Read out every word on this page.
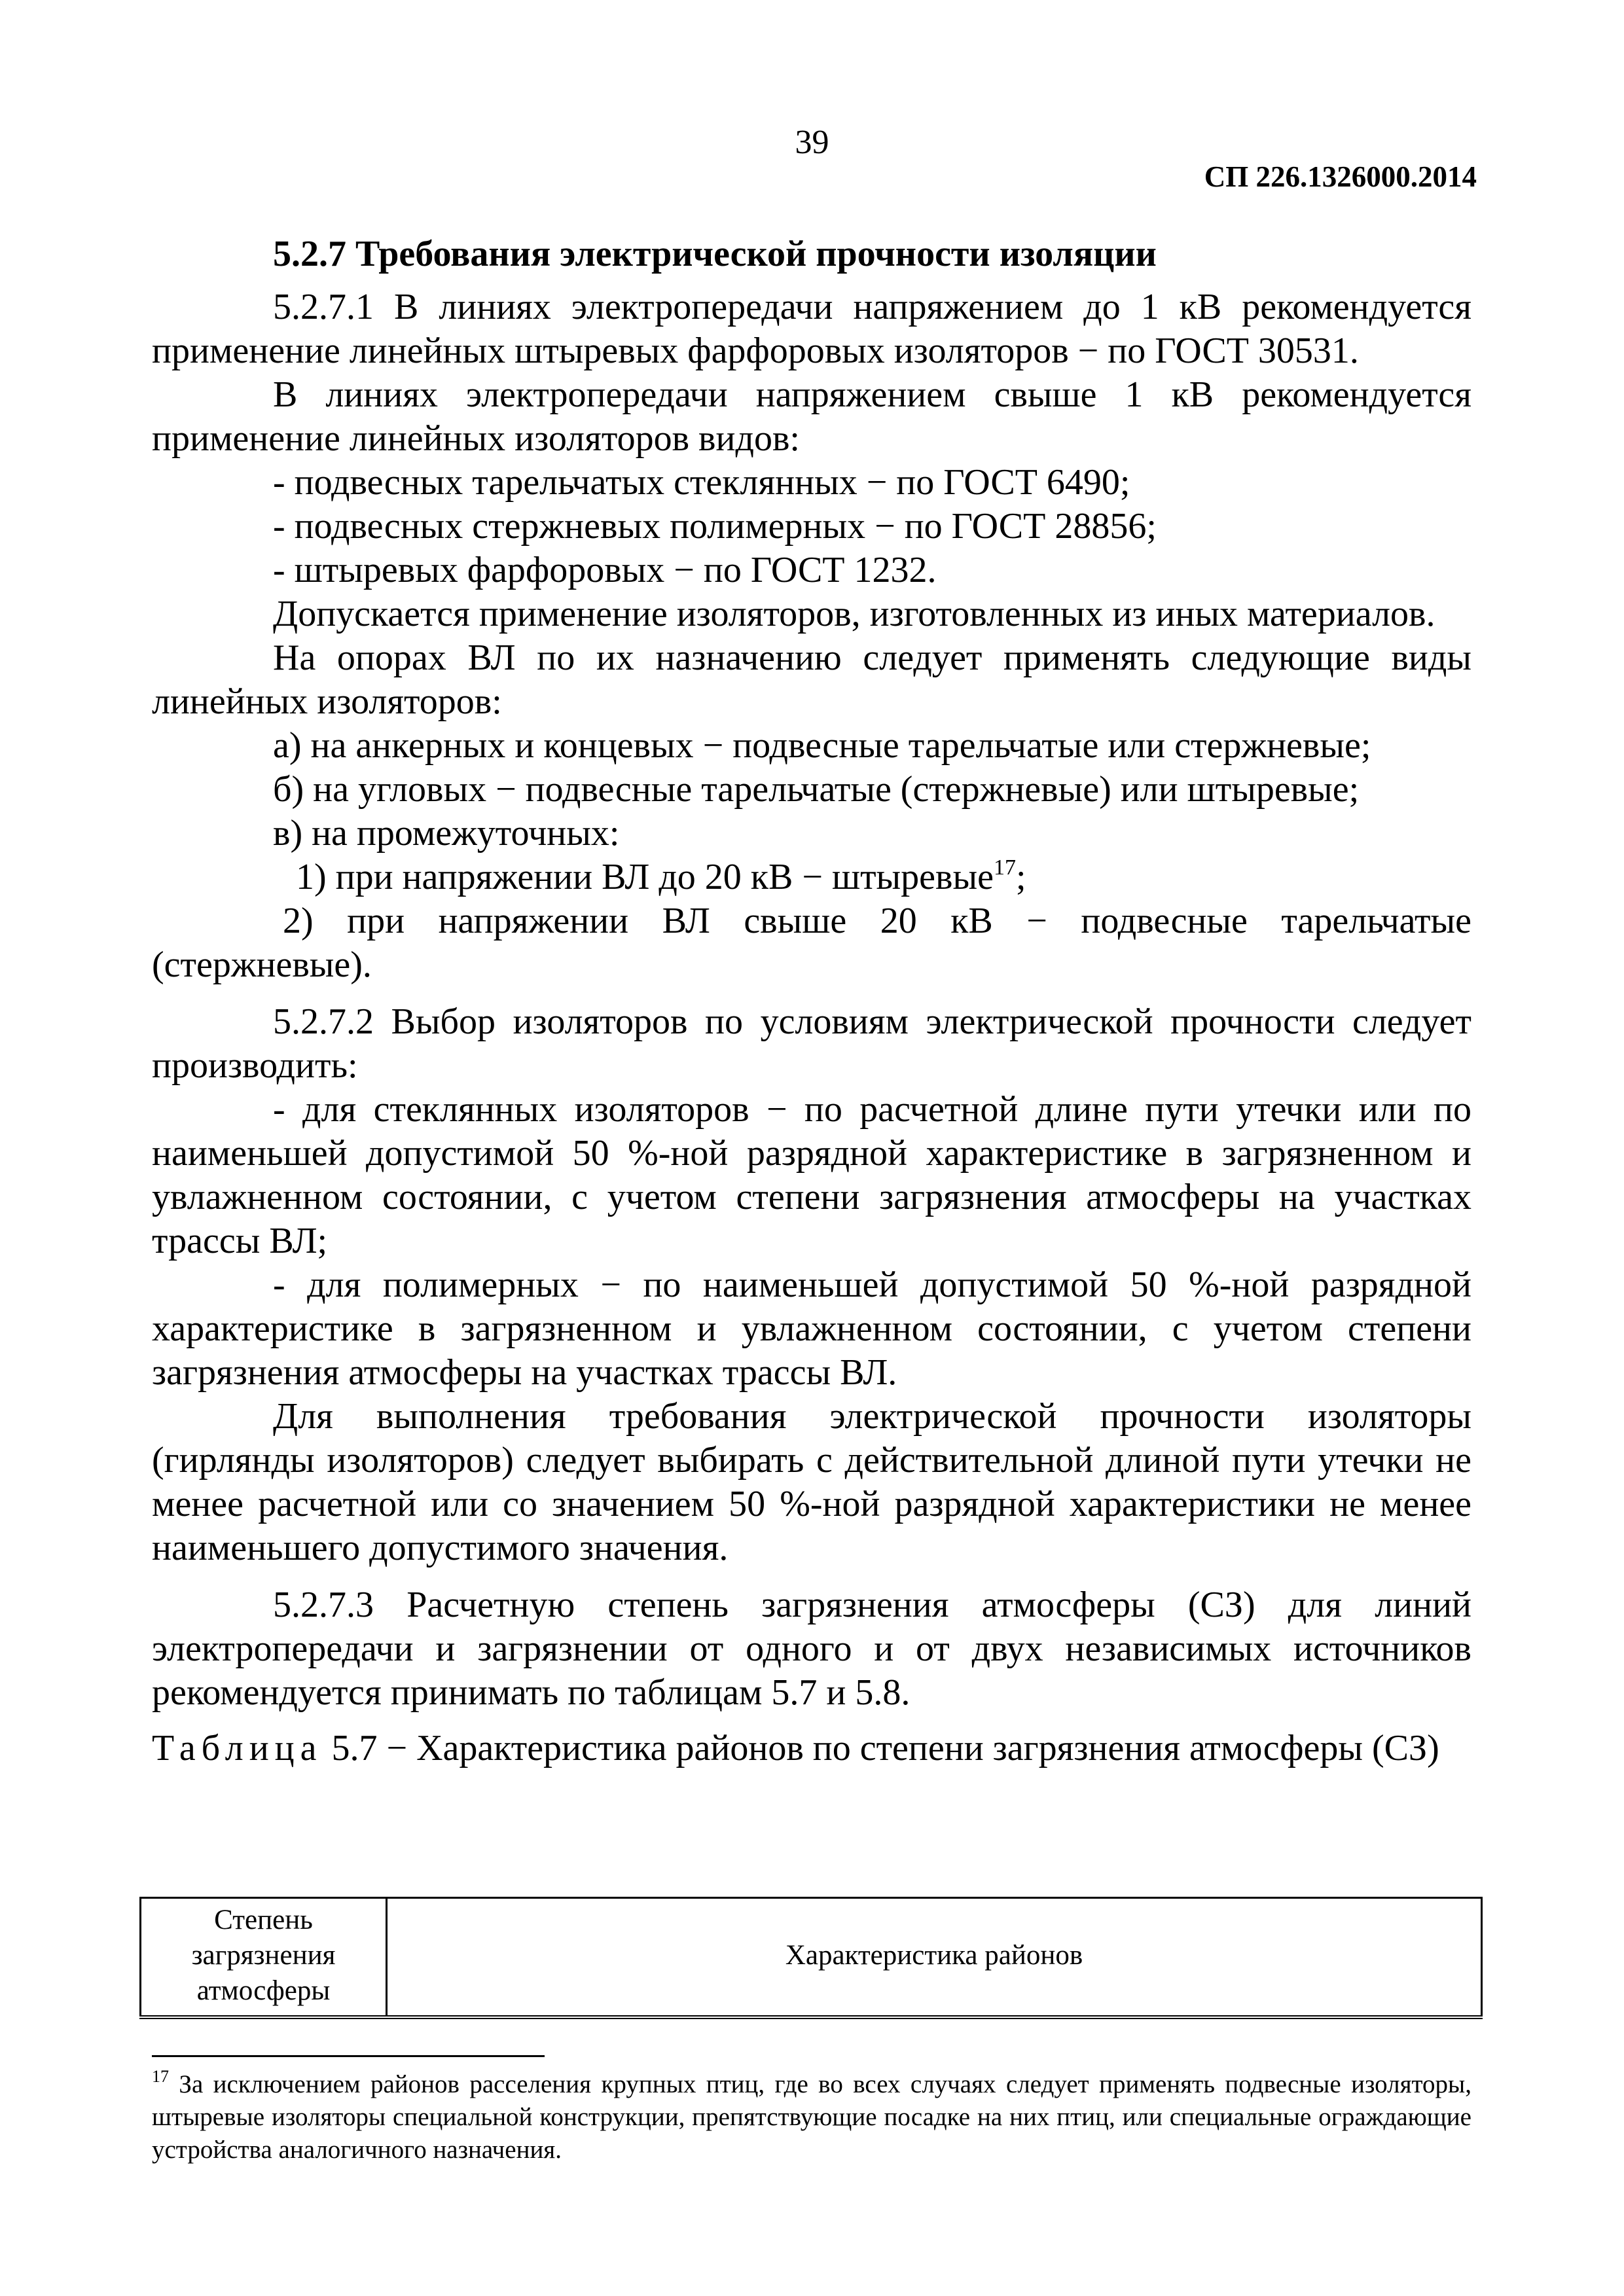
39
СП 226.1326000.2014

5.2.7 Требования электрической прочности изоляции

5.2.7.1 В линиях электропередачи напряжением до 1 кВ рекомендуется применение линейных штыревых фарфоровых изоляторов − по ГОСТ 30531.

В линиях электропередачи напряжением свыше 1 кВ рекомендуется применение линейных изоляторов видов:

- подвесных тарельчатых стеклянных − по ГОСТ 6490;

- подвесных стержневых полимерных − по ГОСТ 28856;

- штыревых фарфоровых − по ГОСТ 1232.

Допускается применение изоляторов, изготовленных из иных материалов.

На опорах ВЛ по их назначению следует применять следующие виды линейных изоляторов:

а) на анкерных и концевых − подвесные тарельчатые или стержневые;

б) на угловых − подвесные тарельчатые (стержневые) или штыревые;

в) на промежуточных:

1) при напряжении ВЛ до 20 кВ − штыревые$^{17}$;

2) при напряжении ВЛ свыше 20 кВ − подвесные тарельчатые (стержневые).

5.2.7.2 Выбор изоляторов по условиям электрической прочности следует производить:

- для стеклянных изоляторов − по расчетной длине пути утечки или по наименьшей допустимой 50 %-ной разрядной характеристике в загрязненном и увлажненном состоянии, с учетом степени загрязнения атмосферы на участках трассы ВЛ;

- для полимерных − по наименьшей допустимой 50 %-ной разрядной характеристике в загрязненном и увлажненном состоянии, с учетом степени загрязнения атмосферы на участках трассы ВЛ.

Для выполнения требования электрической прочности изоляторы (гирлянды изоляторов) следует выбирать с действительной длиной пути утечки не менее расчетной или со значением 50 %-ной разрядной характеристики не менее наименьшего допустимого значения.

5.2.7.3 Расчетную степень загрязнения атмосферы (СЗ) для линий электропередачи и загрязнении от одного и от двух независимых источников рекомендуется принимать по таблицам 5.7 и 5.8.

Таблица 5.7 − Характеристика районов по степени загрязнения атмосферы (СЗ)

Степень загрязнения атмосферы	Характеристика районов
$^{17}$ За исключением районов расселения крупных птиц, где во всех случаях следует применять подвесные изоляторы, штыревые изоляторы специальной конструкции, препятствующие посадке на них птиц, или специальные ограждающие устройства аналогичного назначения.
